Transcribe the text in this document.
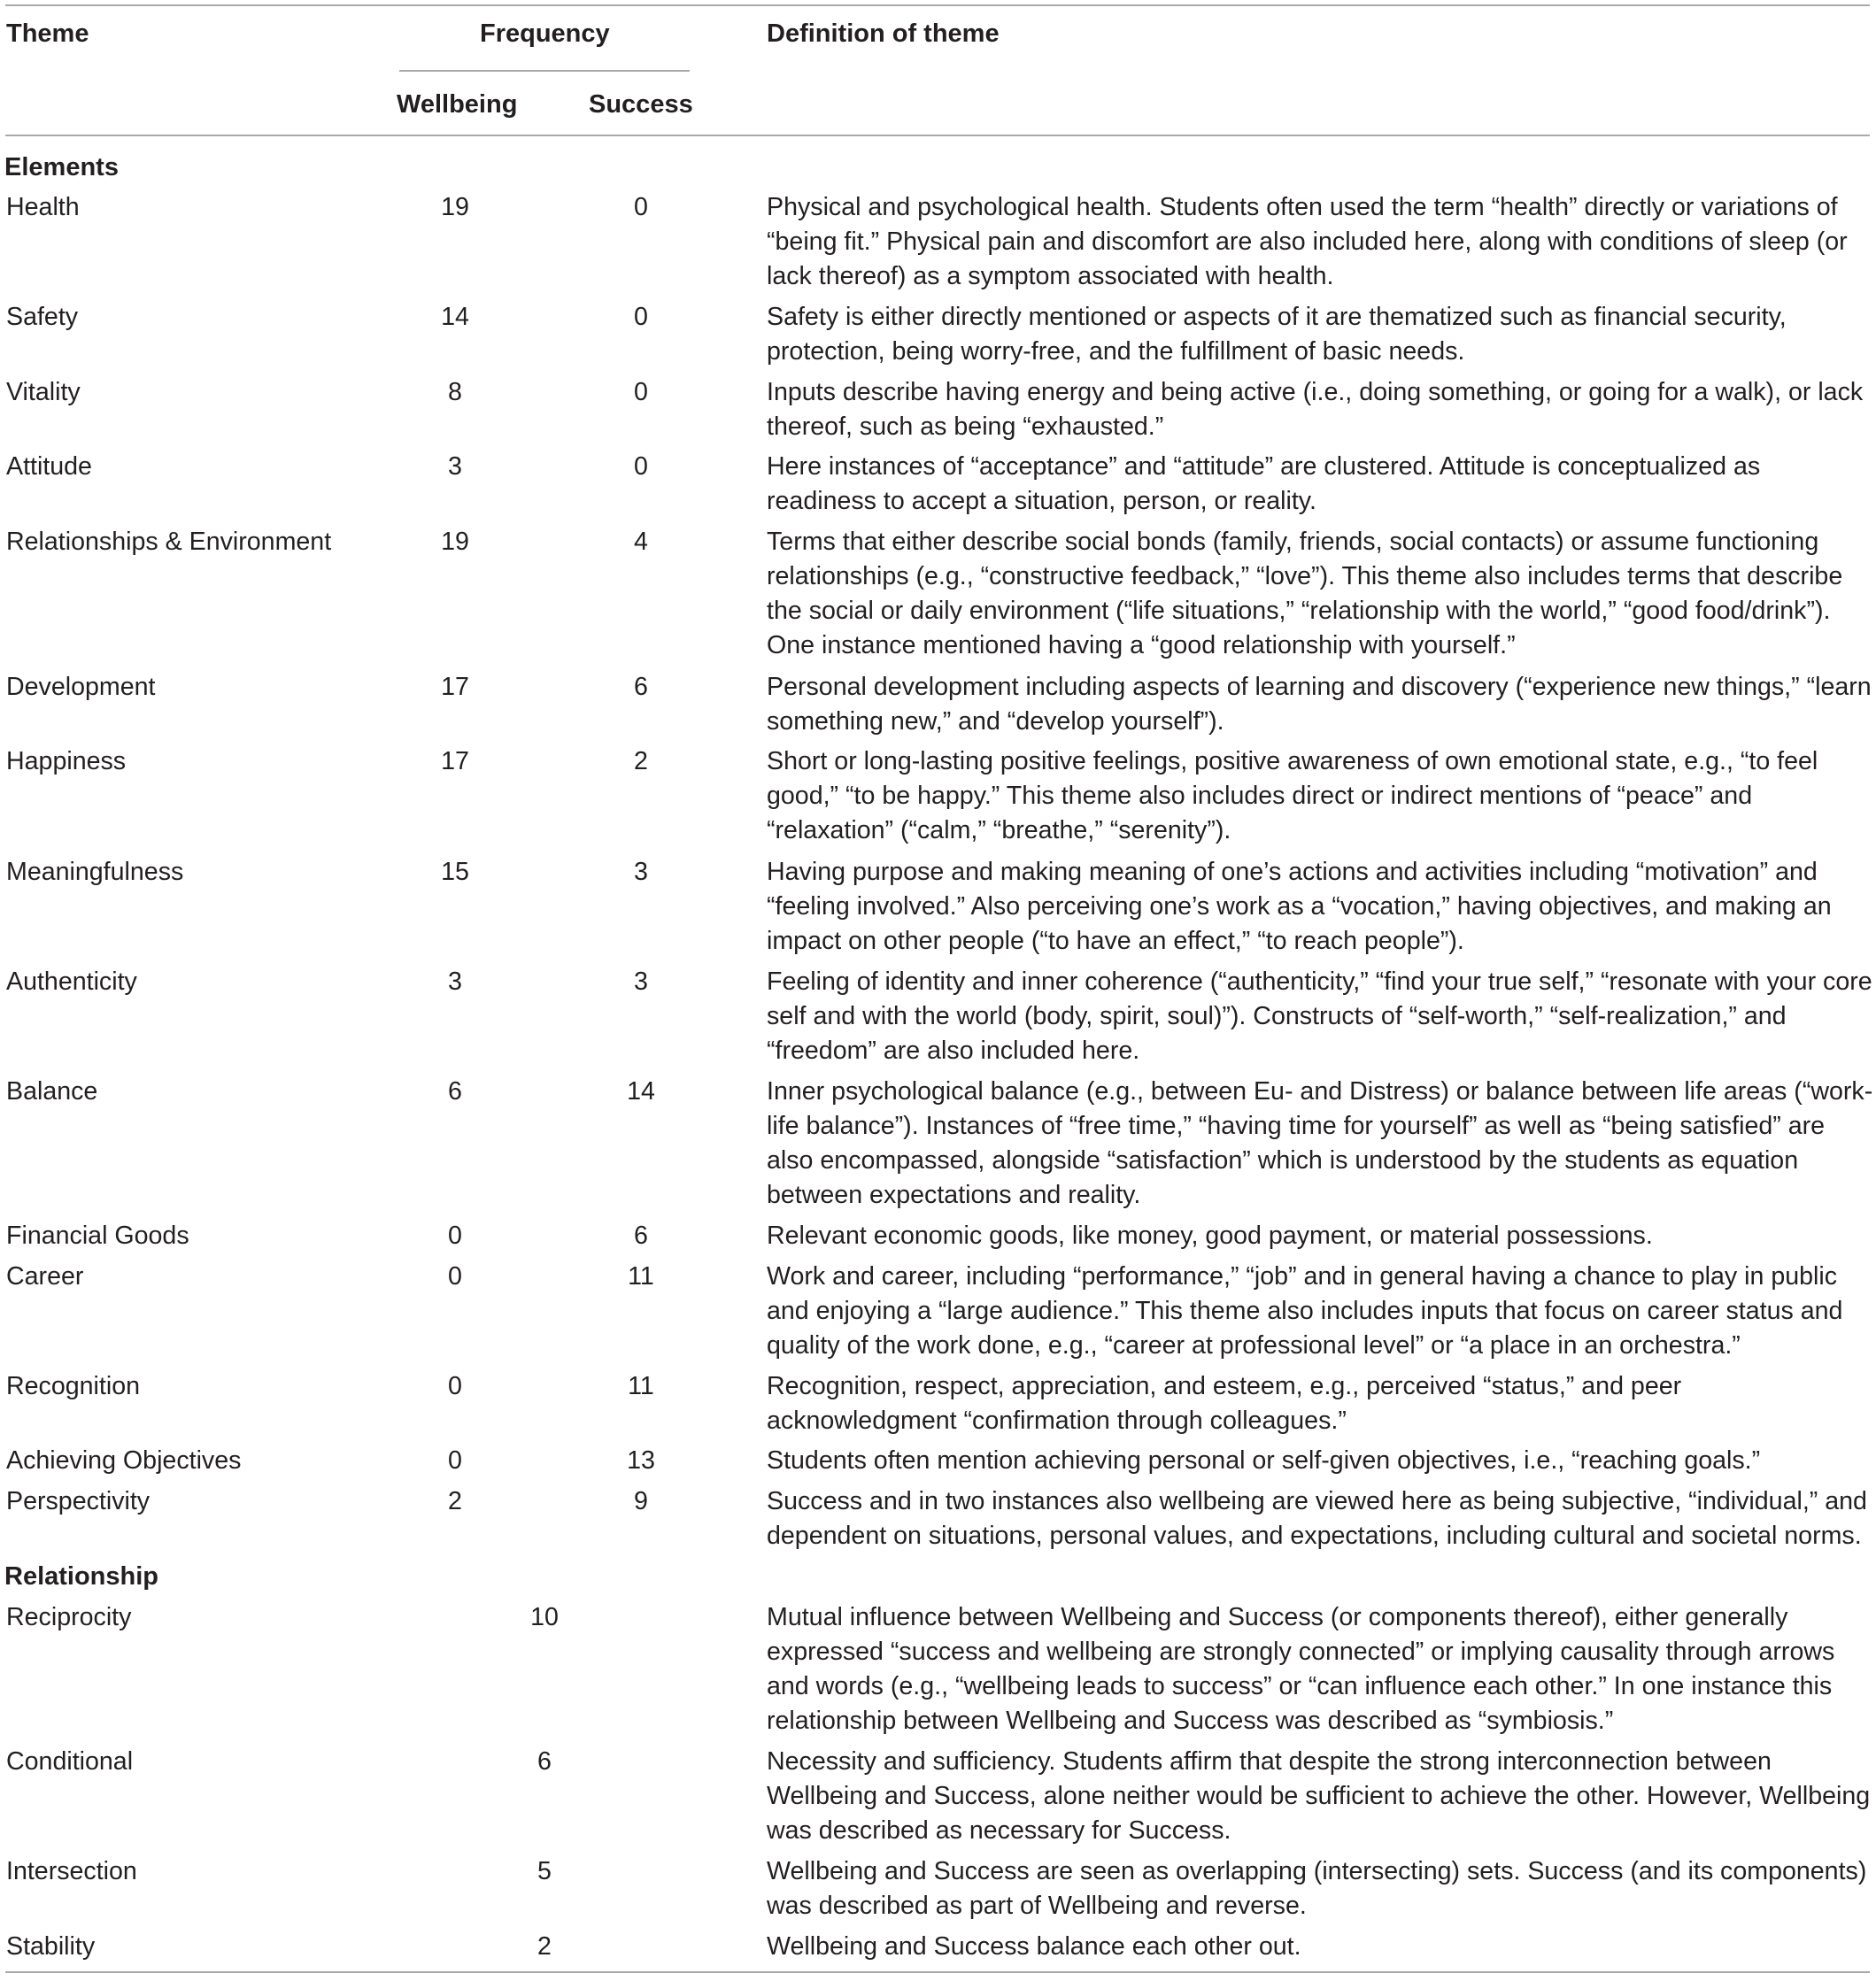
Theme	Frequency
Wellbeing	Success
Definition of theme
Elements
Health	19	0	Physical and psychological health. Students often used the term “health” directly or variations of “being fit.” Physical pain and discomfort are also included here, along with conditions of sleep (or lack thereof) as a symptom associated with health.
Safety	14	0	Safety is either directly mentioned or aspects of it are thematized such as financial security, protection, being worry-free, and the fulfillment of basic needs.
Vitality	8	0	Inputs describe having energy and being active (i.e., doing something, or going for a walk), or lack thereof, such as being “exhausted.”
Attitude	3	0	Here instances of “acceptance” and “attitude” are clustered. Attitude is conceptualized as readiness to accept a situation, person, or reality.
Relationships & Environment	19	4	Terms that either describe social bonds (family, friends, social contacts) or assume functioning relationships (e.g., “constructive feedback,” “love”). This theme also includes terms that describe the social or daily environment (“life situations,” “relationship with the world,” “good food/drink”). One instance mentioned having a “good relationship with yourself.”
Development	17	6	Personal development including aspects of learning and discovery (“experience new things,” “learn something new,” and “develop yourself”).
Happiness	17	2	Short or long-lasting positive feelings, positive awareness of own emotional state, e.g., “to feel good,” “to be happy.” This theme also includes direct or indirect mentions of “peace” and “relaxation” (“calm,” “breathe,” “serenity”).
Meaningfulness	15	3	Having purpose and making meaning of one’s actions and activities including “motivation” and “feeling involved.” Also perceiving one’s work as a “vocation,” having objectives, and making an impact on other people (“to have an effect,” “to reach people”).
Authenticity	3	3	Feeling of identity and inner coherence (“authenticity,” “find your true self,” “resonate with your core self and with the world (body, spirit, soul)”). Constructs of “self-worth,” “self-realization,” and “freedom” are also included here.
Balance	6	14	Inner psychological balance (e.g., between Eu- and Distress) or balance between life areas (“work-life balance”). Instances of “free time,” “having time for yourself” as well as “being satisfied” are also encompassed, alongside “satisfaction” which is understood by the students as equation between expectations and reality.
Financial Goods	0	6	Relevant economic goods, like money, good payment, or material possessions.
Career	0	11	Work and career, including “performance,” “job” and in general having a chance to play in public and enjoying a “large audience.” This theme also includes inputs that focus on career status and quality of the work done, e.g., “career at professional level” or “a place in an orchestra.”
Recognition	0	11	Recognition, respect, appreciation, and esteem, e.g., perceived “status,” and peer acknowledgment “confirmation through colleagues.”
Achieving Objectives	0	13	Students often mention achieving personal or self-given objectives, i.e., “reaching goals.”
Perspectivity	2	9	Success and in two instances also wellbeing are viewed here as being subjective, “individual,” and dependent on situations, personal values, and expectations, including cultural and societal norms.
Relationship
Reciprocity	10	Mutual influence between Wellbeing and Success (or components thereof), either generally expressed “success and wellbeing are strongly connected” or implying causality through arrows and words (e.g., “wellbeing leads to success” or “can influence each other.” In one instance this relationship between Wellbeing and Success was described as “symbiosis.”
Conditional	6	Necessity and sufficiency. Students affirm that despite the strong interconnection between Wellbeing and Success, alone neither would be sufficient to achieve the other. However, Wellbeing was described as necessary for Success.
Intersection	5	Wellbeing and Success are seen as overlapping (intersecting) sets. Success (and its components) was described as part of Wellbeing and reverse.
Stability	2	Wellbeing and Success balance each other out.
